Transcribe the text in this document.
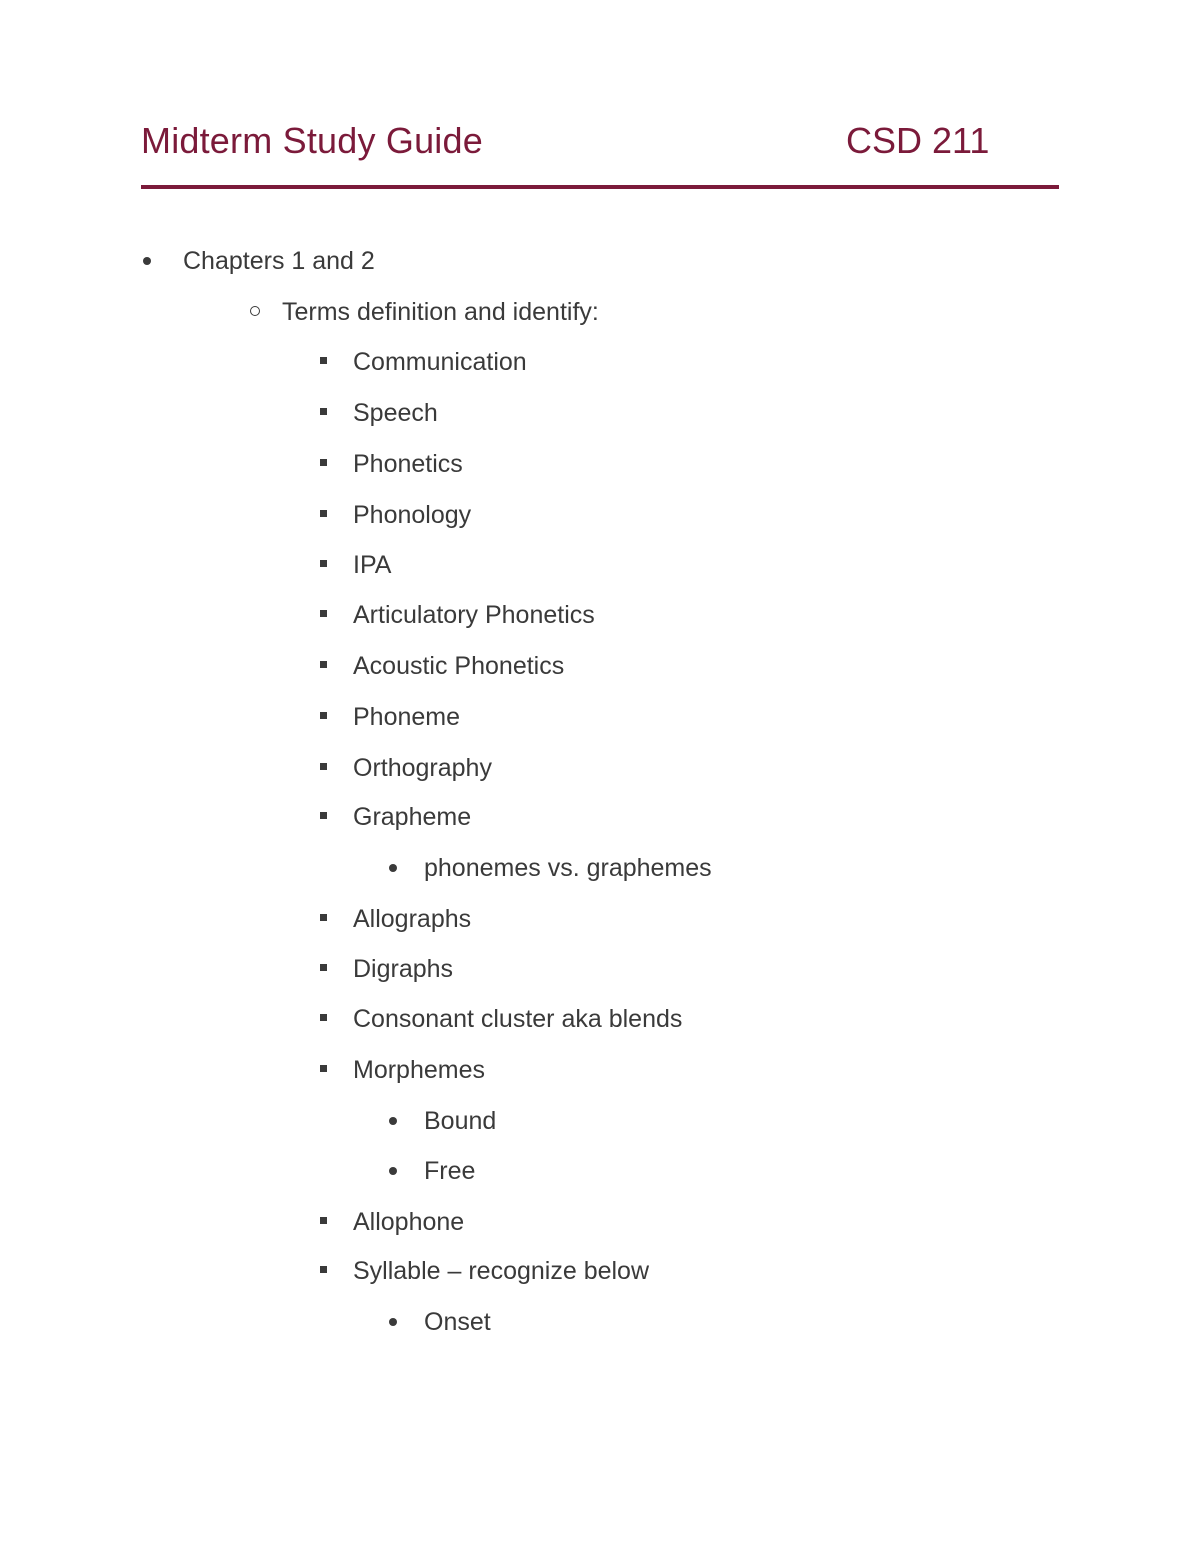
Midterm Study Guide	CSD 211
Chapters 1 and 2
Terms definition and identify:
Communication
Speech
Phonetics
Phonology
IPA
Articulatory Phonetics
Acoustic Phonetics
Phoneme
Orthography
Grapheme
phonemes vs. graphemes
Allographs
Digraphs
Consonant cluster aka blends
Morphemes
Bound
Free
Allophone
Syllable – recognize below
Onset
